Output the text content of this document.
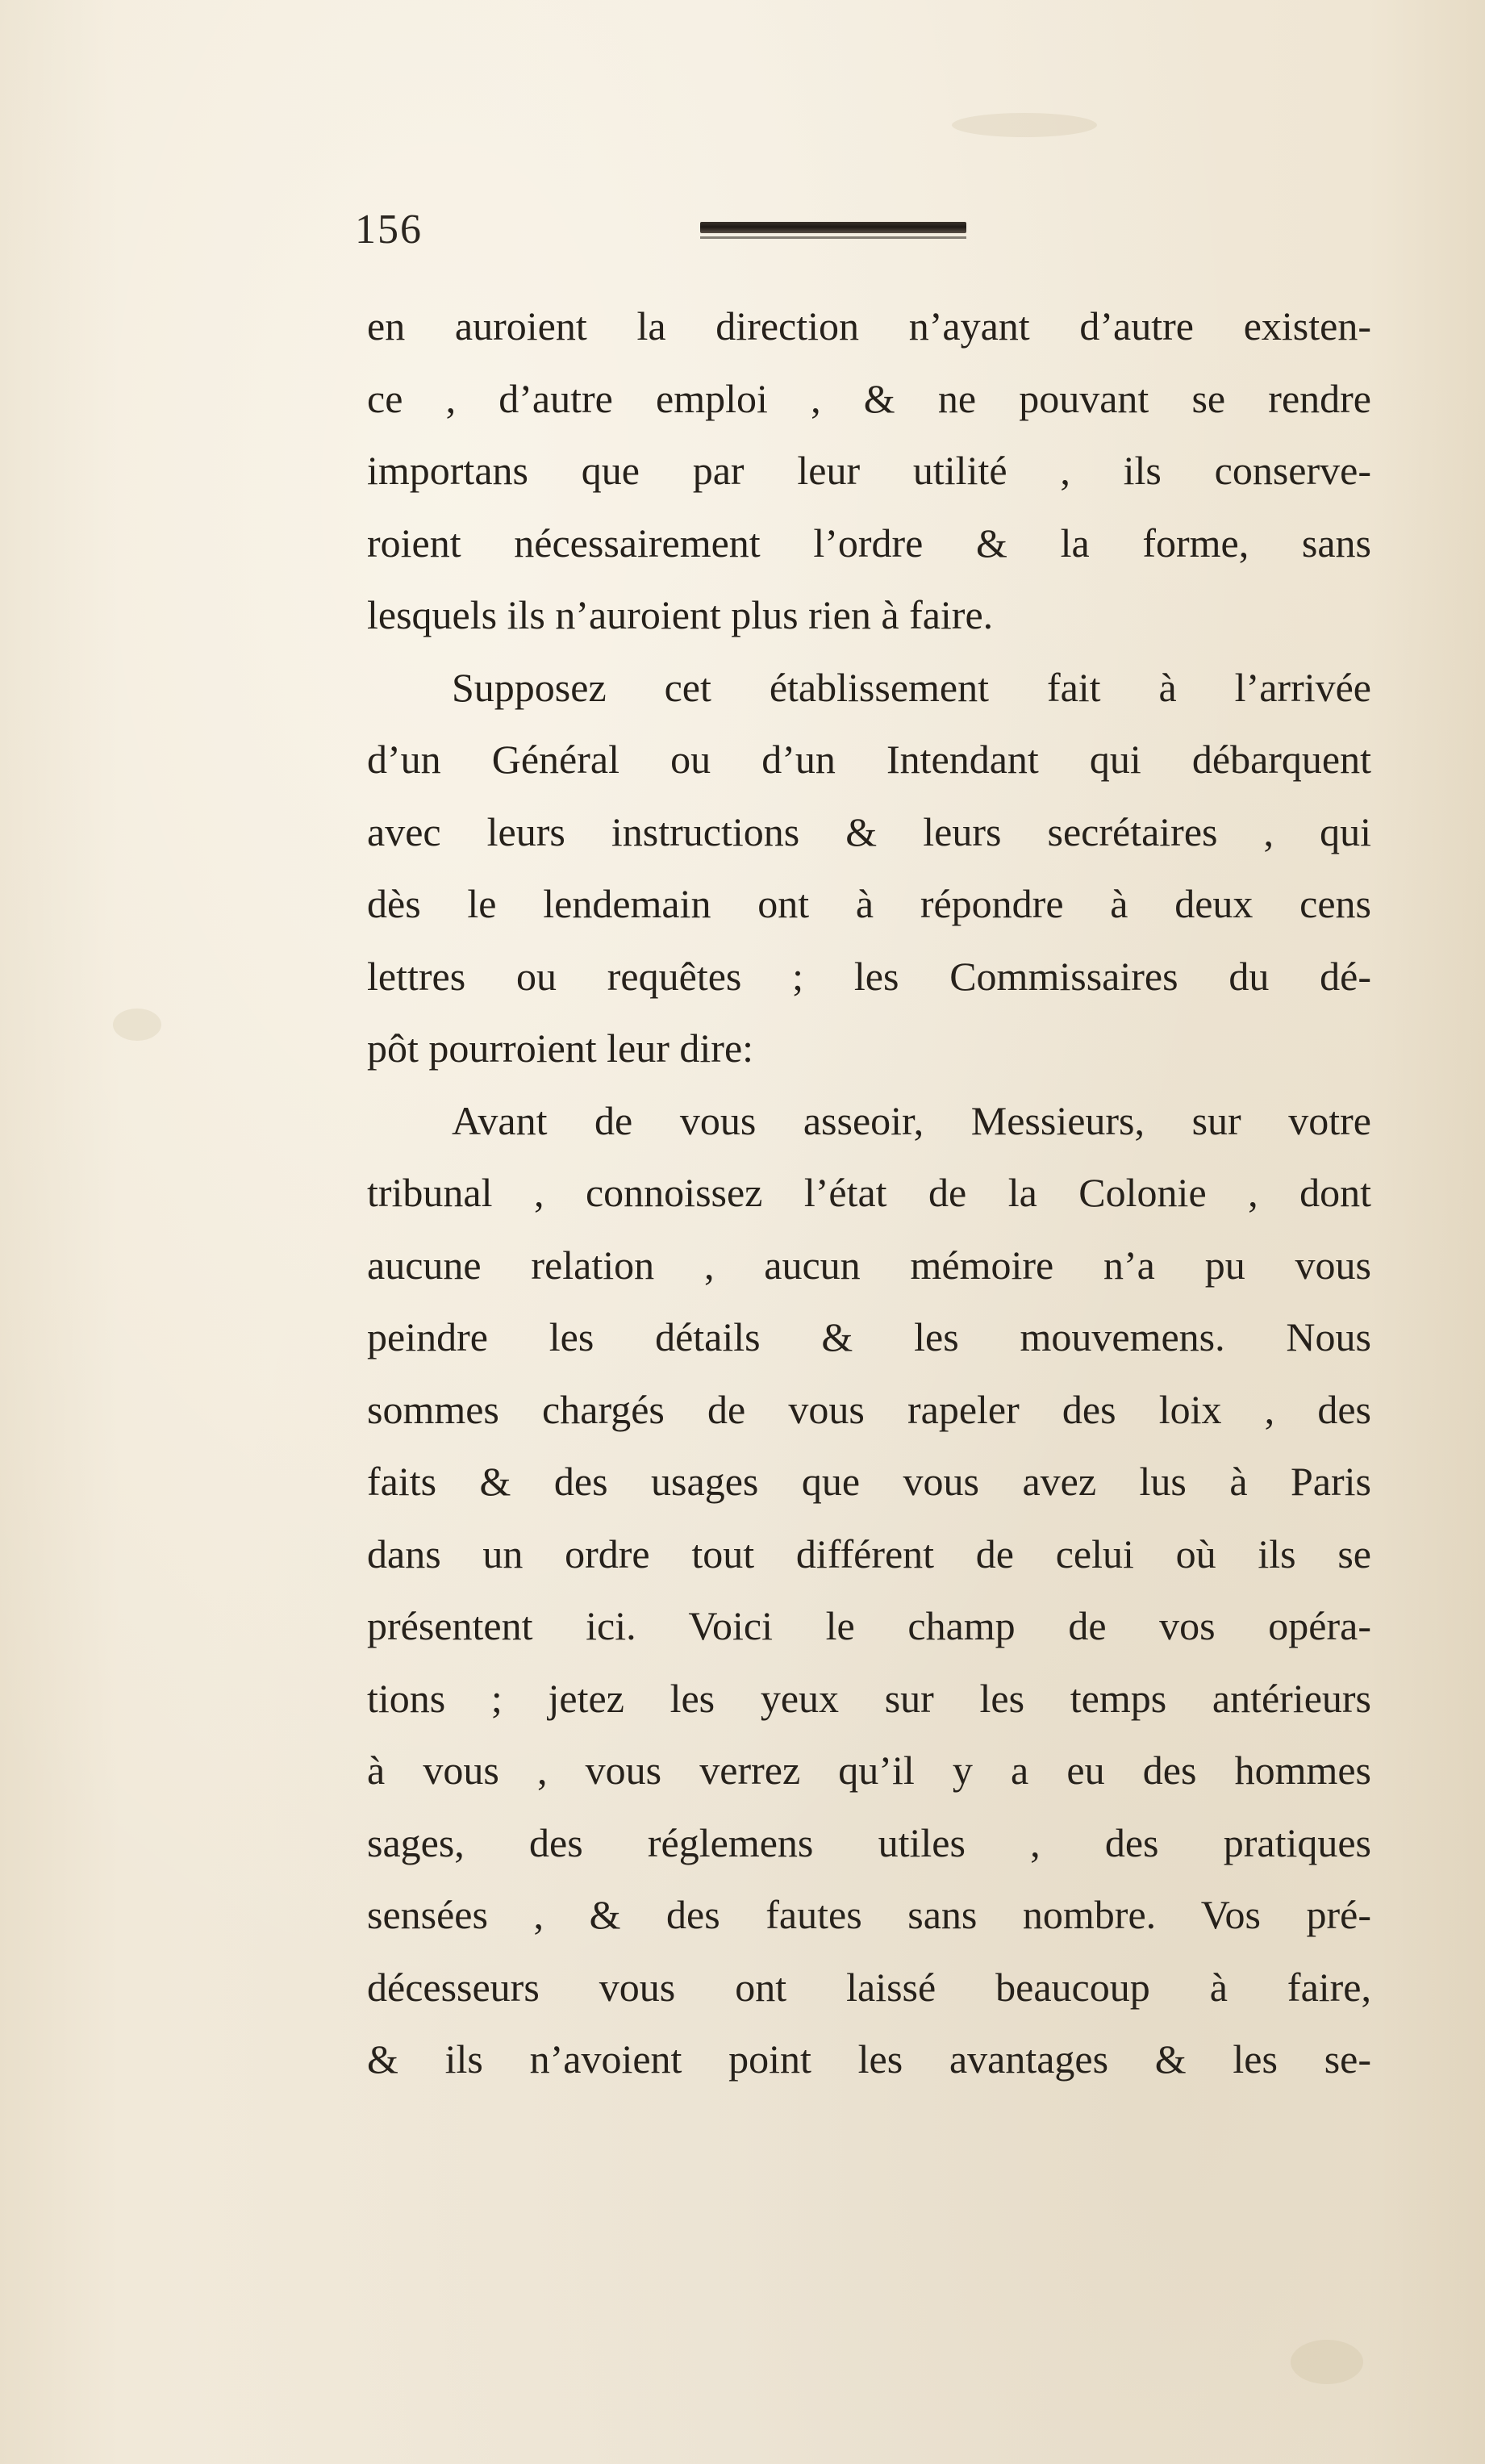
156
en auroient la direction n’ayant d’autre existen-
ce , d’autre emploi , & ne pouvant se rendre
importans que par leur utilité , ils conserve-
roient nécessairement l’ordre & la forme, sans
lesquels ils n’auroient plus rien à faire.
Supposez cet établissement fait à l’arrivée
d’un Général ou d’un Intendant qui débarquent
avec leurs instructions & leurs secrétaires , qui
dès le lendemain ont à répondre à deux cens
lettres ou requêtes ; les Commissaires du dé-
pôt pourroient leur dire:
Avant de vous asseoir, Messieurs, sur votre
tribunal , connoissez l’état de la Colonie , dont
aucune relation , aucun mémoire n’a pu vous
peindre les détails & les mouvemens. Nous
sommes chargés de vous rapeler des loix , des
faits & des usages que vous avez lus à Paris
dans un ordre tout différent de celui où ils se
présentent ici. Voici le champ de vos opéra-
tions ; jetez les yeux sur les temps antérieurs
à vous , vous verrez qu’il y a eu des hommes
sages, des réglemens utiles , des pratiques
sensées , & des fautes sans nombre. Vos pré-
décesseurs vous ont laissé beaucoup à faire,
& ils n’avoient point les avantages & les se-
